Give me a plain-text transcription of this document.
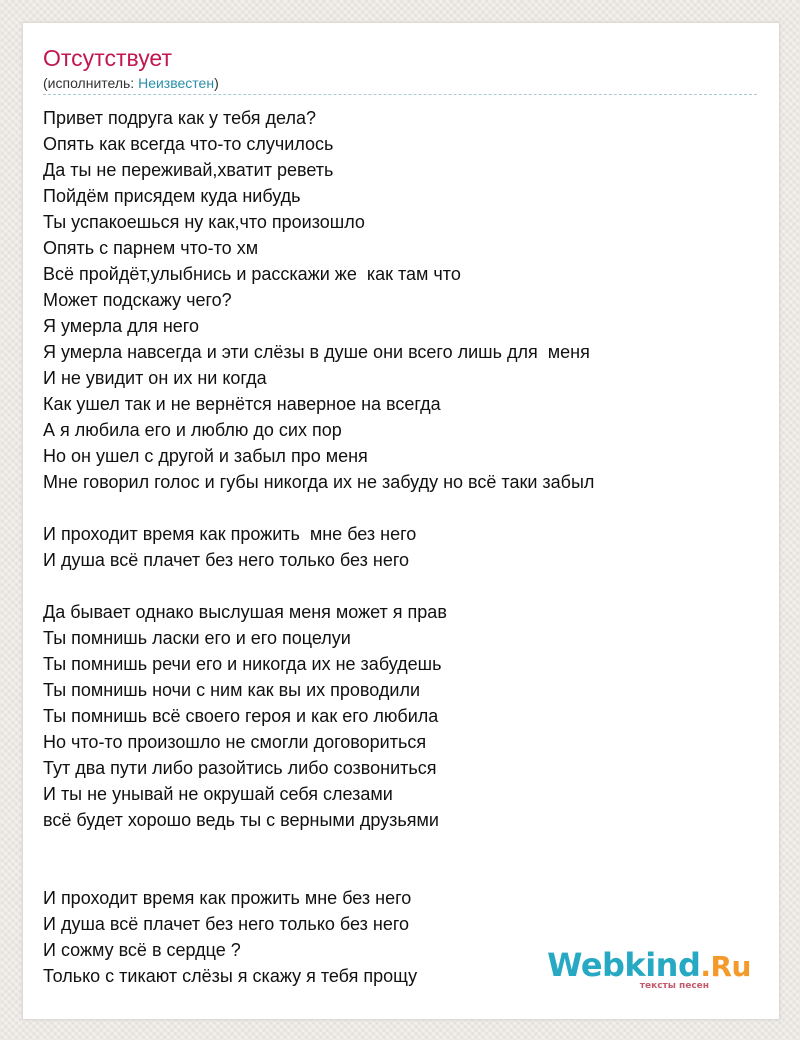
Отсутствует
(исполнитель: Неизвестен)
Привет подруга как у тебя дела?
Опять как всегда что-то случилось
Да ты не переживай,хватит реветь
Пойдём присядем куда нибудь
Ты успакоешься ну как,что произошло
Опять с парнем что-то хм
Всё пройдёт,улыбнись и расскажи же  как там что
Может подскажу чего?
Я умерла для него
Я умерла навсегда и эти слёзы в душе они всего лишь для  меня
И не увидит он их ни когда
Как ушел так и не вернётся наверное на всегда
А я любила его и люблю до сих пор
Но он ушел с другой и забыл про меня
Мне говорил голос и губы никогда их не забуду но всё таки забыл
И проходит время как прожить  мне без него
И душа всё плачет без него только без него
Да бывает однако выслушая меня может я прав
Ты помнишь ласки его и его поцелуи
Ты помнишь речи его и никогда их не забудешь
Ты помнишь ночи с ним как вы их проводили
Ты помнишь всё своего героя и как его любила
Но что-то произошло не смогли договориться
Тут два пути либо разойтись либо созвониться
И ты не унывай не окрушай себя слезами
всё будет хорошо ведь ты с верными друзьями
И проходит время как прожить мне без него
И душа всё плачет без него только без него
И сожму всё в сердце ?
Только с тикают слёзы я скажу я тебя прощу	Webkind.Ru
тексты песен
